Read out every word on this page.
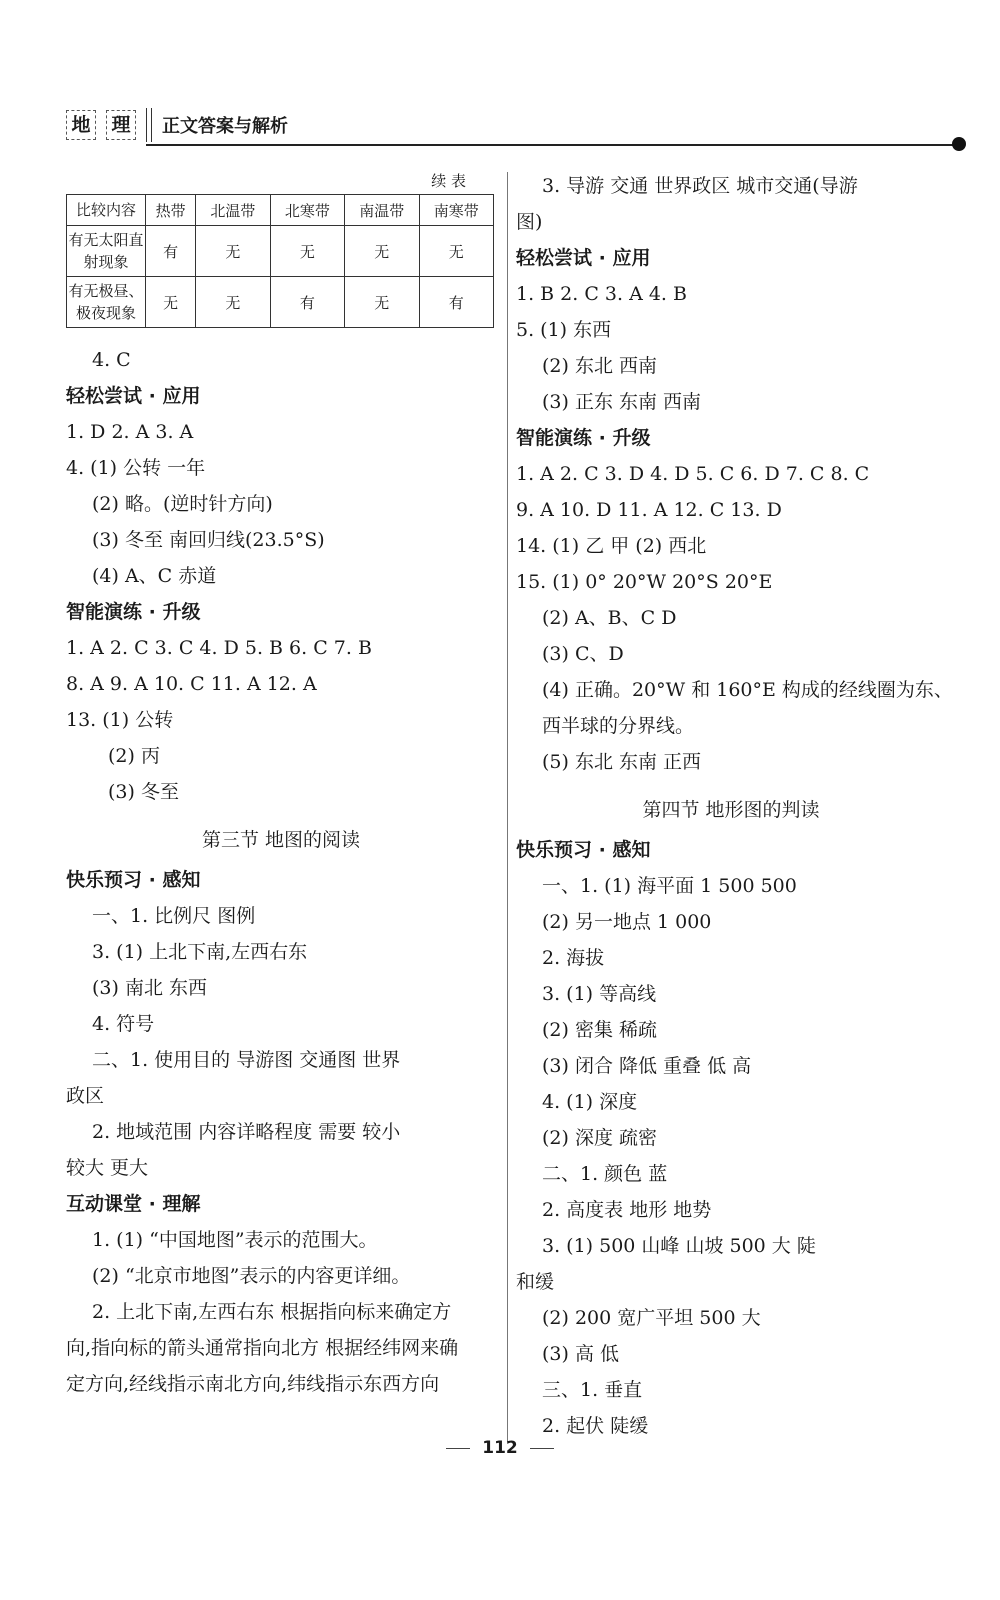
地 理	正文答案与解析
续 表
比较内容	热带	北温带	北寒带	南温带	南寒带
有无太阳直射现象	有	无	无	无	无
有无极昼、极夜现象	无	无	有	无	有
4. C
轻松尝试 · 应用
1. D 2. A 3. A
4. (1) 公转 一年
(2) 略。(逆时针方向)
(3) 冬至 南回归线(23.5°S)
(4) A、C 赤道
智能演练 · 升级
1. A 2. C 3. C 4. D 5. B 6. C 7. B
8. A 9. A 10. C 11. A 12. A
13. (1) 公转
(2) 丙
(3) 冬至
第三节 地图的阅读
快乐预习 · 感知
一、1. 比例尺 图例
3. (1) 上北下南,左西右东
(3) 南北 东西
4. 符号
二、1. 使用目的 导游图 交通图 世界
政区
2. 地域范围 内容详略程度 需要 较小
较大 更大
互动课堂 · 理解
1. (1) “中国地图”表示的范围大。
(2) “北京市地图”表示的内容更详细。
2. 上北下南,左西右东 根据指向标来确定方
向,指向标的箭头通常指向北方 根据经纬网来确
定方向,经线指示南北方向,纬线指示东西方向
3. 导游 交通 世界政区 城市交通(导游
图)
轻松尝试 · 应用
1. B 2. C 3. A 4. B
5. (1) 东西
(2) 东北 西南
(3) 正东 东南 西南
智能演练 · 升级
1. A 2. C 3. D 4. D 5. C 6. D 7. C 8. C
9. A 10. D 11. A 12. C 13. D
14. (1) 乙 甲 (2) 西北
15. (1) 0° 20°W 20°S 20°E
(2) A、B、C D
(3) C、D
(4) 正确。20°W 和 160°E 构成的经线圈为东、
西半球的分界线。
(5) 东北 东南 正西
第四节 地形图的判读
快乐预习 · 感知
一、1. (1) 海平面 1 500 500
(2) 另一地点 1 000
2. 海拔
3. (1) 等高线
(2) 密集 稀疏
(3) 闭合 降低 重叠 低 高
4. (1) 深度
(2) 深度 疏密
二、1. 颜色 蓝
2. 高度表 地形 地势
3. (1) 500 山峰 山坡 500 大 陡
和缓
(2) 200 宽广平坦 500 大
(3) 高 低
三、1. 垂直
2. 起伏 陡缓
112
